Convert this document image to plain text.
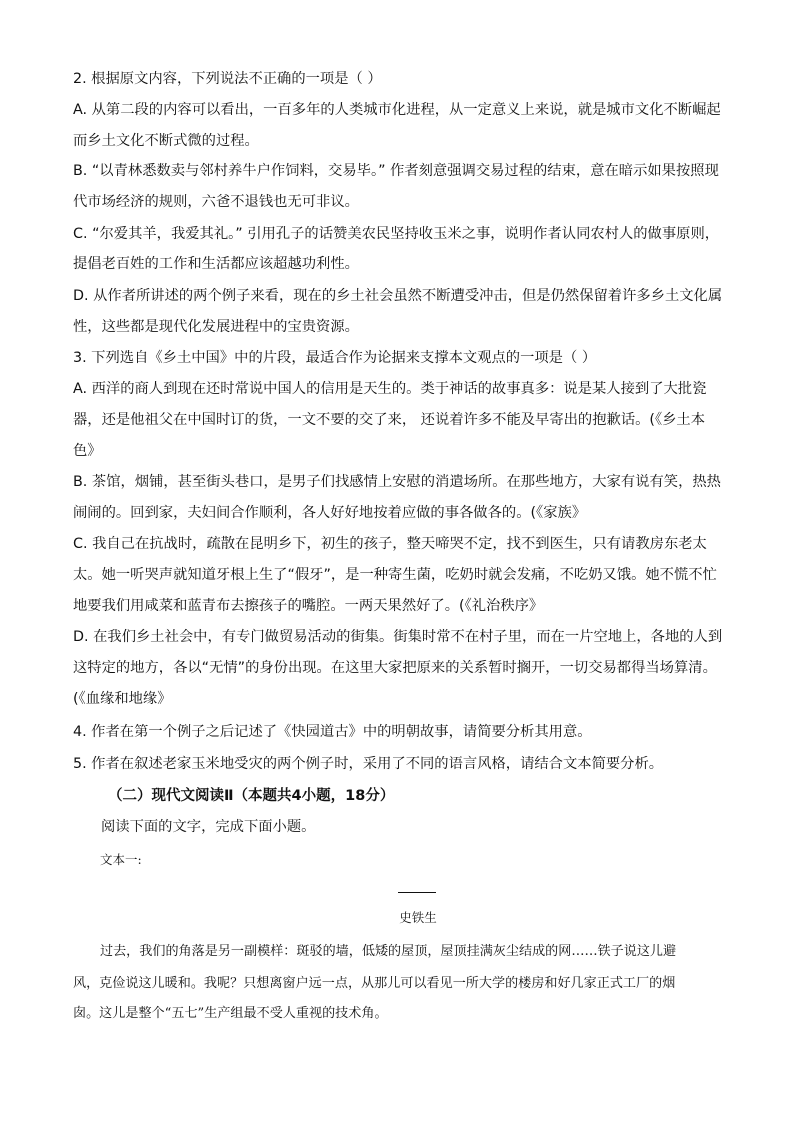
2. 根据原文内容，下列说法不正确的一项是（ ）
A. 从第二段的内容可以看出，一百多年的人类城市化进程，从一定意义上来说，就是城市文化不断崛起
而乡土文化不断式微的过程。
B. “以青林悉数卖与邻村养牛户作饲料，交易毕。” 作者刻意强调交易过程的结束，意在暗示如果按照现
代市场经济的规则，六爸不退钱也无可非议。
C. “尔爱其羊，我爱其礼。” 引用孔子的话赞美农民坚持收玉米之事，说明作者认同农村人的做事原则，
提倡老百姓的工作和生活都应该超越功利性。
D. 从作者所讲述的两个例子来看，现在的乡土社会虽然不断遭受冲击，但是仍然保留着许多乡土文化属
性，这些都是现代化发展进程中的宝贵资源。
3. 下列选自《乡土中国》中的片段，最适合作为论据来支撑本文观点的一项是（ ）
A. 西洋的商人到现在还时常说中国人的信用是天生的。类于神话的故事真多：说是某人接到了大批瓷
器，还是他祖父在中国时订的货，一文不要的交了来， 还说着许多不能及早寄出的抱歉话。(《乡土本
色》
B. 茶馆，烟铺，甚至街头巷口，是男子们找感情上安慰的消遣场所。在那些地方，大家有说有笑，热热
闹闹的。回到家，夫妇间合作顺利，各人好好地按着应做的事各做各的。(《家族》
C. 我自己在抗战时，疏散在昆明乡下，初生的孩子，整天啼哭不定，找不到医生，只有请教房东老太
太。她一听哭声就知道牙根上生了“假牙”，是一种寄生菌，吃奶时就会发痛，不吃奶又饿。她不慌不忙
地要我们用咸菜和蓝青布去擦孩子的嘴腔。一两天果然好了。(《礼治秩序》
D. 在我们乡土社会中，有专门做贸易活动的街集。街集时常不在村子里，而在一片空地上，各地的人到
这特定的地方，各以“无情”的身份出现。在这里大家把原来的关系暂时搁开，一切交易都得当场算清。
(《血缘和地缘》
4. 作者在第一个例子之后记述了《快园道古》中的明朝故事，请简要分析其用意。
5. 作者在叙述老家玉米地受灾的两个例子时，采用了不同的语言风格，请结合文本简要分析。
（二）现代文阅读Ⅱ（本题共4小题，18分）
阅读下面的文字，完成下面小题。
文本一:
史铁生
过去，我们的角落是另一副模样：斑驳的墙，低矮的屋顶，屋顶挂满灰尘结成的网……铁子说这儿避
风，克俭说这儿暖和。我呢？只想离窗户远一点，从那儿可以看见一所大学的楼房和好几家正式工厂的烟
囱。这儿是整个“五七”生产组最不受人重视的技术角。
